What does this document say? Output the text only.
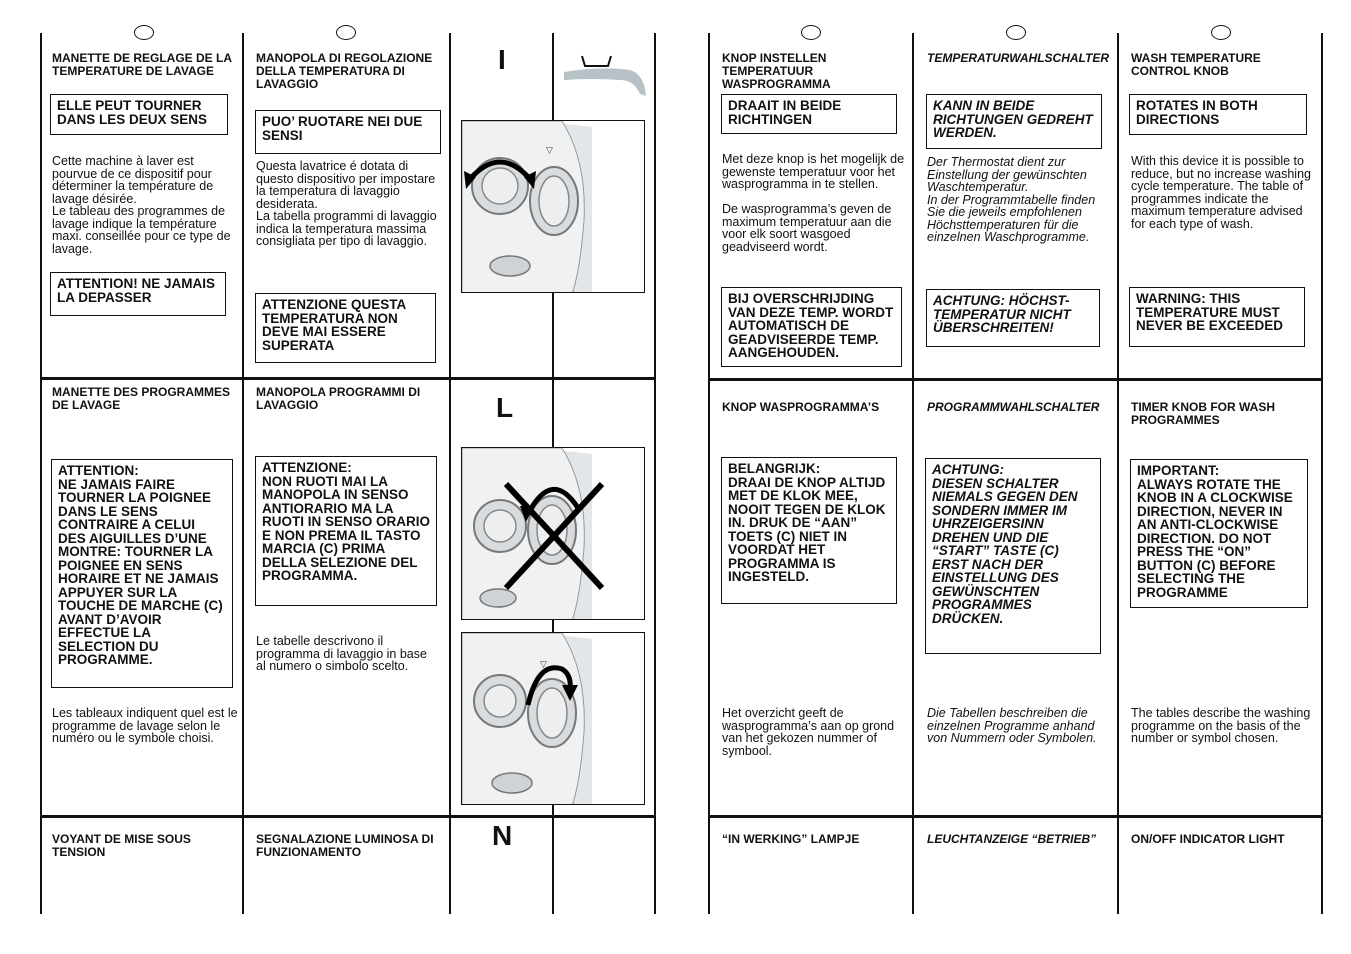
I
L
N
▽
▽
MANETTE DE REGLAGE DE LA TEMPERATURE DE LAVAGE
ELLE PEUT TOURNER DANS LES DEUX SENS
Cette machine à laver est pourvue de ce dispositif pour déterminer la température de lavage désirée.
Le tableau des programmes de lavage indique la température maxi. conseillée pour ce type de lavage.
ATTENTION! NE JAMAIS LA DEPASSER
MANETTE DES PROGRAMMES DE LAVAGE
ATTENTION:
NE JAMAIS FAIRE TOURNER LA POIGNEE DANS LE SENS CONTRAIRE A CELUI DES AIGUILLES D’UNE MONTRE: TOURNER LA POIGNEE EN SENS HORAIRE ET NE JAMAIS APPUYER SUR LA TOUCHE DE MARCHE (C) AVANT D’AVOIR EFFECTUE LA SELECTION DU PROGRAMME.
Les tableaux indiquent quel est le programme de lavage selon le numéro ou le symbole choisi.
VOYANT DE MISE SOUS TENSION
MANOPOLA DI REGOLAZIONE DELLA TEMPERATURA DI LAVAGGIO
PUO’ RUOTARE NEI DUE SENSI
Questa lavatrice é dotata di questo dispositivo per impostare la temperatura di lavaggio desiderata.
La tabella programmi di lavaggio indica la temperatura massima consigliata per tipo di lavaggio.
ATTENZIONE QUESTA TEMPERATURA NON DEVE MAI ESSERE SUPERATA
MANOPOLA PROGRAMMI DI LAVAGGIO
ATTENZIONE:
NON RUOTI MAI LA MANOPOLA IN SENSO ANTIORARIO MA LA RUOTI IN SENSO ORARIO E NON PREMA IL TASTO MARCIA (C) PRIMA DELLA SELEZIONE DEL PROGRAMMA.
Le tabelle descrivono il programma di lavaggio in base al numero o simbolo scelto.
SEGNALAZIONE LUMINOSA DI FUNZIONAMENTO
KNOP INSTELLEN TEMPERATUUR WASPROGRAMMA
DRAAIT IN BEIDE RICHTINGEN
Met deze knop is het mogelijk de gewenste temperatuur voor het wasprogramma in te stellen.

De wasprogramma’s geven de maximum temperatuur aan die voor elk soort wasgoed geadviseerd wordt.
BIJ OVERSCHRIJDING VAN DEZE TEMP. WORDT AUTOMATISCH DE GEADVISEERDE TEMP. AANGEHOUDEN.
KNOP WASPROGRAMMA’S
BELANGRIJK:
DRAAI DE KNOP ALTIJD MET DE KLOK MEE, NOOIT TEGEN DE KLOK IN. DRUK DE “AAN” TOETS (C) NIET IN VOORDAT HET PROGRAMMA IS INGESTELD.
Het overzicht geeft de wasprogramma’s aan op grond van het gekozen nummer of symbool.
“IN WERKING” LAMPJE
TEMPERATURWAHLSCHALTER
KANN IN BEIDE RICHTUNGEN GEDREHT WERDEN.
Der Thermostat dient zur Einstellung der gewünschten Waschtemperatur.
In der Programmtabelle finden Sie die jeweils empfohlenen Höchsttemperaturen für die einzelnen Waschprogramme.
ACHTUNG: HÖCHST-TEMPERATUR NICHT ÜBERSCHREITEN!
PROGRAMMWAHLSCHALTER
ACHTUNG:
DIESEN SCHALTER NIEMALS GEGEN DEN SONDERN IMMER IM UHRZEIGERSINN DREHEN UND DIE “START” TASTE (C) ERST NACH DER EINSTELLUNG DES GEWÜNSCHTEN PROGRAMMES DRÜCKEN.
Die Tabellen beschreiben die einzelnen Programme anhand von Nummern oder Symbolen.
LEUCHTANZEIGE “BETRIEB”
WASH TEMPERATURE CONTROL KNOB
ROTATES IN BOTH DIRECTIONS
With this device it is possible to reduce, but no increase washing cycle temperature. The table of programmes indicate the maximum temperature advised for each type of wash.
WARNING: THIS TEMPERATURE MUST NEVER BE EXCEEDED
TIMER KNOB FOR WASH PROGRAMMES
IMPORTANT:
ALWAYS ROTATE THE KNOB IN A CLOCKWISE DIRECTION, NEVER IN AN ANTI-CLOCKWISE DIRECTION. DO NOT PRESS THE “ON” BUTTON (C) BEFORE SELECTING THE PROGRAMME
The tables describe the washing programme on the basis of the number or symbol chosen.
ON/OFF INDICATOR LIGHT
